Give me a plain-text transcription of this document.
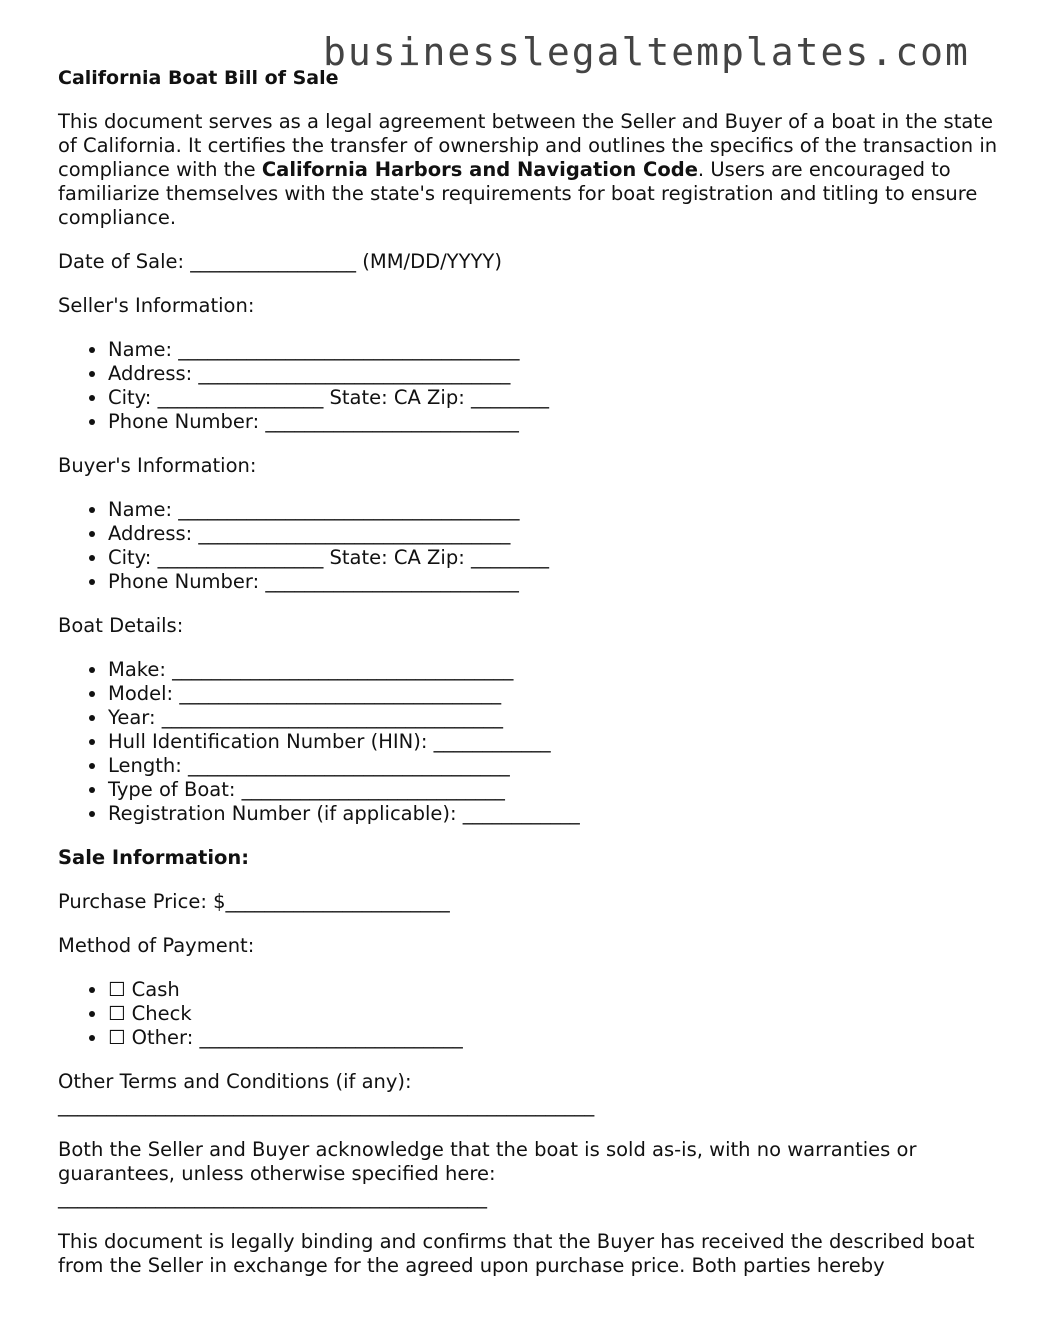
businesslegaltemplates.com

California Boat Bill of Sale

This document serves as a legal agreement between the Seller and Buyer of a boat in the state of California. It certifies the transfer of ownership and outlines the specifics of the transaction in compliance with the California Harbors and Navigation Code. Users are encouraged to familiarize themselves with the state's requirements for boat registration and titling to ensure compliance.

Date of Sale: _________________ (MM/DD/YYYY)

Seller's Information:

• Name: ___________________________________
• Address: ________________________________
• City: _________________ State: CA Zip: ________
• Phone Number: __________________________

Buyer's Information:

• Name: ___________________________________
• Address: ________________________________
• City: _________________ State: CA Zip: ________
• Phone Number: __________________________

Boat Details:

• Make: ___________________________________
• Model: _________________________________
• Year: ___________________________________
• Hull Identification Number (HIN): ____________
• Length: _________________________________
• Type of Boat: ___________________________
• Registration Number (if applicable): ____________

Sale Information:

Purchase Price: $_______________________

Method of Payment:

• ☐ Cash
• ☐ Check
• ☐ Other: ___________________________

Other Terms and Conditions (if any):
_______________________________________________________

Both the Seller and Buyer acknowledge that the boat is sold as-is, with no warranties or guarantees, unless otherwise specified here:
____________________________________________

This document is legally binding and confirms that the Buyer has received the described boat from the Seller in exchange for the agreed upon purchase price. Both parties hereby
